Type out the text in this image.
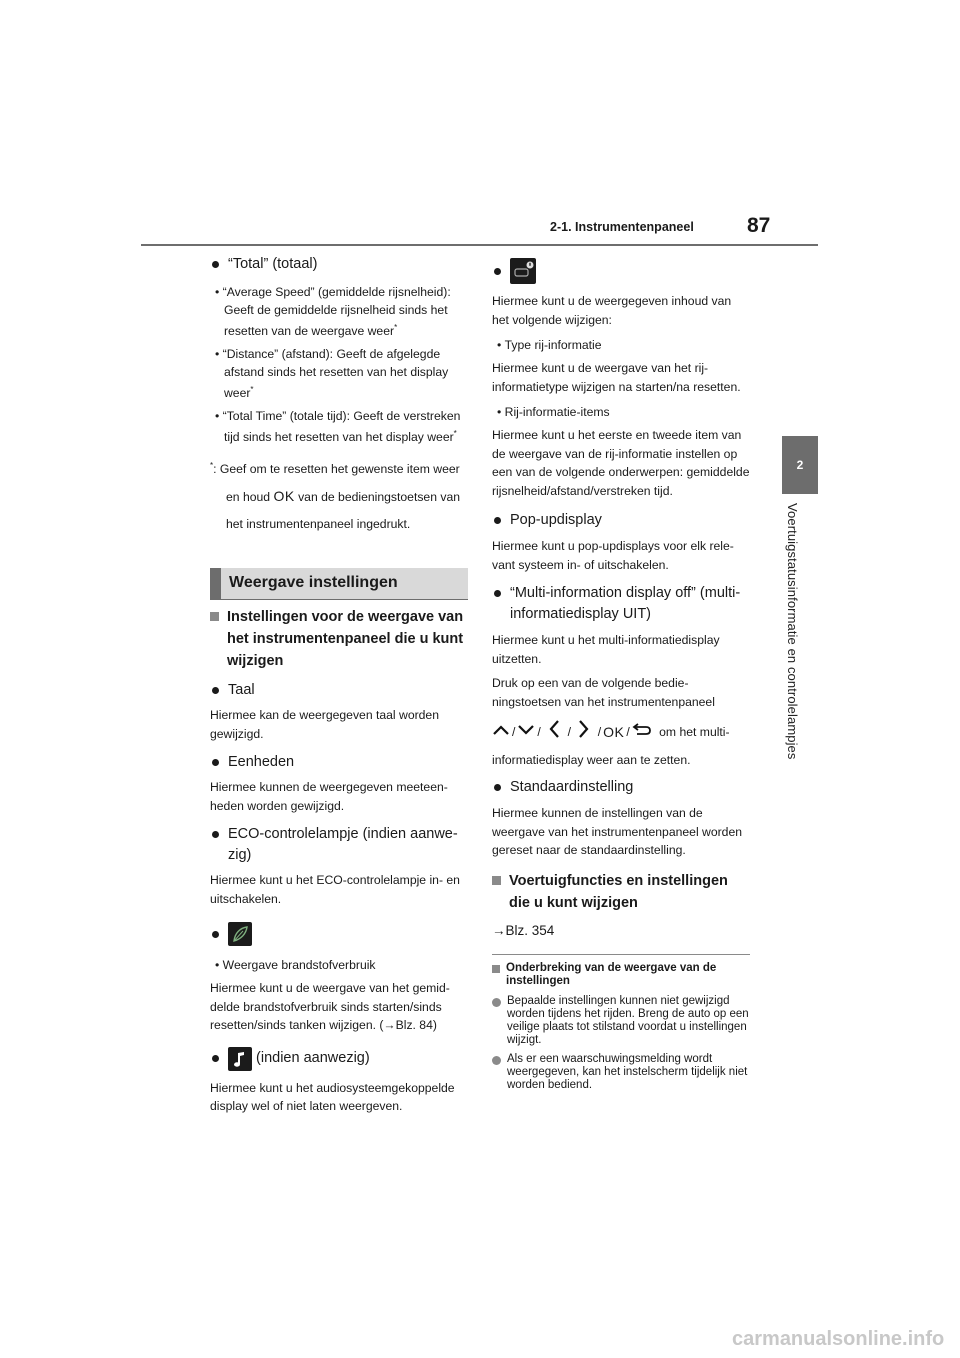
2-1. Instrumentenpaneel	87
2
Voertuigstatusinformatie en controlelampjes
“Total” (totaal)

• “Average Speed” (gemiddelde rijsnelheid): Geeft de gemiddelde rijsnelheid sinds het resetten van de weergave weer*

• “Distance” (afstand): Geeft de afgelegde afstand sinds het resetten van het display weer*

• “Total Time” (totale tijd): Geeft de verstreken tijd sinds het resetten van het display weer*

*: Geef om te resetten het gewenste item weer en houd OK van de bedieningstoetsen van het instrumentenpaneel ingedrukt.

Weergave instellingen
Instellingen voor de weergave van het instrumentenpaneel die u kunt wijzigen
Taal

Hiermee kan de weergegeven taal worden gewijzigd.

Eenheden

Hiermee kunnen de weergegeven meeteenheden worden gewijzigd.

ECO-controlelampje (indien aanwezig)

Hiermee kunt u het ECO-controlelampje in- en uitschakelen.

• Weergave brandstofverbruik

Hiermee kunt u de weergave van het gemiddelde brandstofverbruik sinds starten/sinds resetten/sinds tanken wijzigen. (→Blz. 84)

(indien aanwezig)

Hiermee kunt u het audiosysteemgekoppelde display wel of niet laten weergeven.

Hiermee kunt u de weergegeven inhoud van het volgende wijzigen:

• Type rij-informatie

Hiermee kunt u de weergave van het rij-informatietype wijzigen na starten/na resetten.

• Rij-informatie-items

Hiermee kunt u het eerste en tweede item van de weergave van de rij-informatie instellen op een van de volgende onderwerpen: gemiddelde rijsnelheid/afstand/verstreken tijd.

Pop-updisplay

Hiermee kunt u pop-updisplays voor elk relevant systeem in- of uitschakelen.

“Multi-information display off” (multi-informatiedisplay UIT)

Hiermee kunt u het multi-informatiedisplay uitzetten.

Druk op een van de volgende bedieningstoetsen van het instrumentenpaneel

/ /

/

/ OK /
om het multi-

informatiedisplay weer aan te zetten.

Standaardinstelling

Hiermee kunnen de instellingen van de weergave van het instrumentenpaneel worden gereset naar de standaardinstelling.

Voertuigfuncties en instellingen die u kunt wijzigen

→Blz. 354

Onderbreking van de weergave van de instellingen
Bepaalde instellingen kunnen niet gewijzigd worden tijdens het rijden. Breng de auto op een veilige plaats tot stilstand voordat u instellingen wijzigt.
Als er een waarschuwingsmelding wordt weergegeven, kan het instelscherm tijdelijk niet worden bediend.
carmanualsonline.info
